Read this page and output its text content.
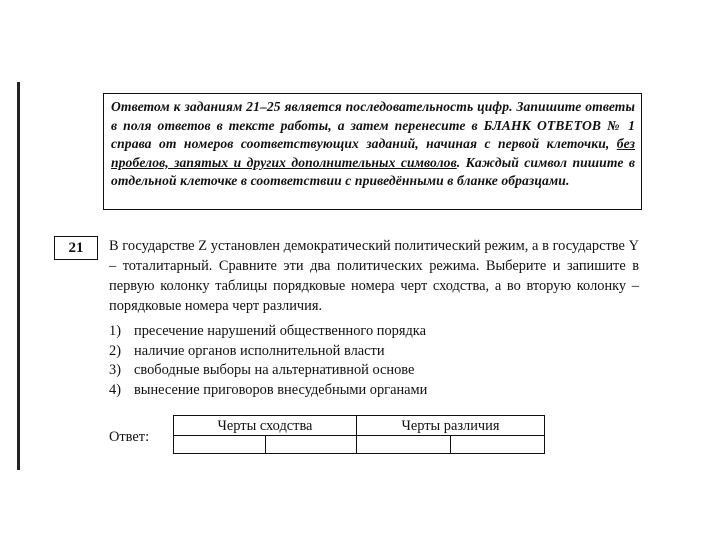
Ответом к заданиям 21–25 является последовательность цифр. Запишите ответы в поля ответов в тексте работы, а затем перенесите в БЛАНК ОТВЕТОВ № 1 справа от номеров соответствующих заданий, начиная с первой клеточки, без пробелов, запятых и других дополнительных символов. Каждый символ пишите в отдельной клеточке в соответствии с приведёнными в бланке образцами.

21	В государстве Z установлен демократический политический режим, а в государстве Y – тоталитарный. Сравните эти два политических режима. Выберите и запишите в первую колонку таблицы порядковые номера черт сходства, а во вторую колонку – порядковые номера черт различия.

1) пресечение нарушений общественного порядка
2) наличие органов исполнительной власти
3) свободные выборы на альтернативной основе
4) вынесение приговоров внесудебными органами
Ответ:
Черты сходства		Черты различия	
